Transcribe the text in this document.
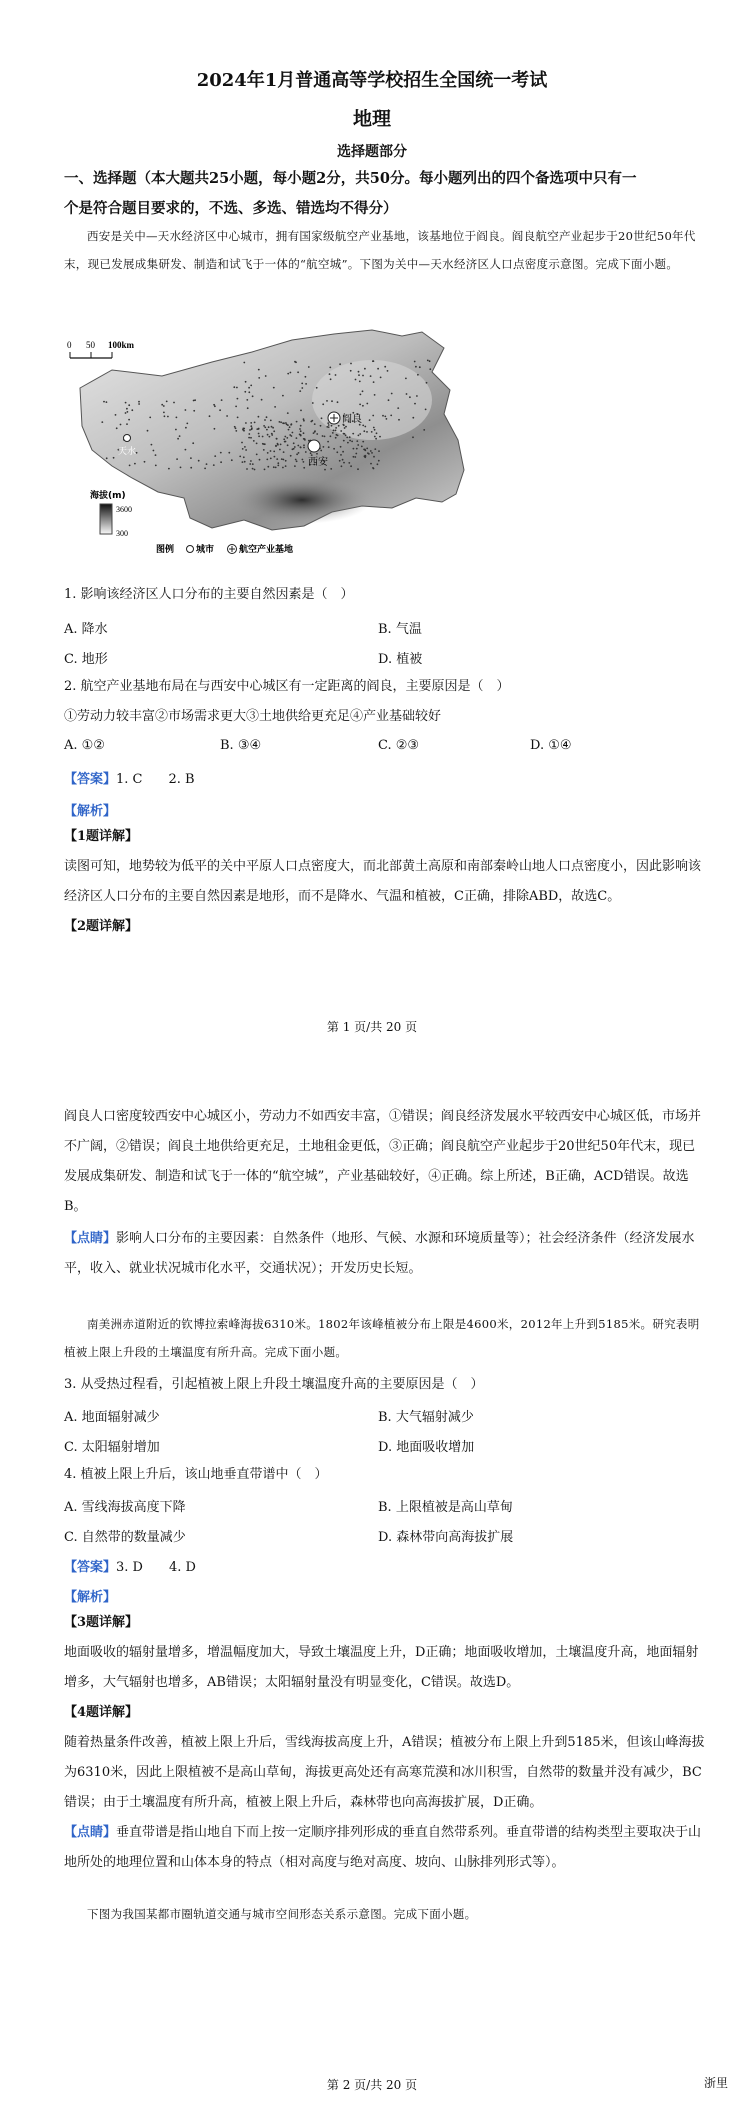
2024年1月普通高等学校招生全国统一考试
地理
选择题部分
一、选择题（本大题共25小题，每小题2分，共50分。每小题列出的四个备选项中只有一
个是符合题目要求的，不选、多选、错选均不得分）
西安是关中—天水经济区中心城市，拥有国家级航空产业基地，该基地位于阎良。阎良航空产业起步于20世纪50年代末，现已发展成集研发、制造和试飞于一体的“航空城”。下图为关中—天水经济区人口点密度示意图。完成下面小题。
0 50 100km
天水
阎良
西安
海拔(m)
3600
300
图例 城市	航空产业基地
1. 影响该经济区人口分布的主要自然因素是（　）
A. 降水	B. 气温
C. 地形	D. 植被
2. 航空产业基地布局在与西安中心城区有一定距离的阎良，主要原因是（　）
①劳动力较丰富②市场需求更大③土地供给更充足④产业基础较好
A. ①②	B. ③④	C. ②③	D. ①④
【答案】1. C　　2. B
【解析】
【1题详解】
读图可知，地势较为低平的关中平原人口点密度大，而北部黄土高原和南部秦岭山地人口点密度小，因此影响该经济区人口分布的主要自然因素是地形，而不是降水、气温和植被，C正确，排除ABD，故选C。
【2题详解】
第 1 页/共 20 页
阎良人口密度较西安中心城区小，劳动力不如西安丰富，①错误；阎良经济发展水平较西安中心城区低，市场并不广阔，②错误；阎良土地供给更充足，土地租金更低，③正确；阎良航空产业起步于20世纪50年代末，现已发展成集研发、制造和试飞于一体的“航空城”，产业基础较好，④正确。综上所述，B正确，ACD错误。故选B。
【点睛】影响人口分布的主要因素：自然条件（地形、气候、水源和环境质量等）；社会经济条件（经济发展水平，收入、就业状况城市化水平，交通状况）；开发历史长短。
南美洲赤道附近的钦博拉索峰海拔6310米。1802年该峰植被分布上限是4600米，2012年上升到5185米。研究表明植被上限上升段的土壤温度有所升高。完成下面小题。
3. 从受热过程看，引起植被上限上升段土壤温度升高的主要原因是（　）
A. 地面辐射减少	B. 大气辐射减少
C. 太阳辐射增加	D. 地面吸收增加
4. 植被上限上升后，该山地垂直带谱中（　）
A. 雪线海拔高度下降	B. 上限植被是高山草甸
C. 自然带的数量减少	D. 森林带向高海拔扩展
【答案】3. D　　4. D
【解析】
【3题详解】
地面吸收的辐射量增多，增温幅度加大，导致土壤温度上升，D正确；地面吸收增加，土壤温度升高，地面辐射增多，大气辐射也增多，AB错误；太阳辐射量没有明显变化，C错误。故选D。
【4题详解】
随着热量条件改善，植被上限上升后，雪线海拔高度上升，A错误；植被分布上限上升到5185米，但该山峰海拔为6310米，因此上限植被不是高山草甸，海拔更高处还有高寒荒漠和冰川积雪，自然带的数量并没有减少，BC错误；由于土壤温度有所升高，植被上限上升后，森林带也向高海拔扩展，D正确。
【点睛】垂直带谱是指山地自下而上按一定顺序排列形成的垂直自然带系列。垂直带谱的结构类型主要取决于山地所处的地理位置和山体本身的特点（相对高度与绝对高度、坡向、山脉排列形式等）。
下图为我国某都市圈轨道交通与城市空间形态关系示意图。完成下面小题。
第 2 页/共 20 页	浙里
